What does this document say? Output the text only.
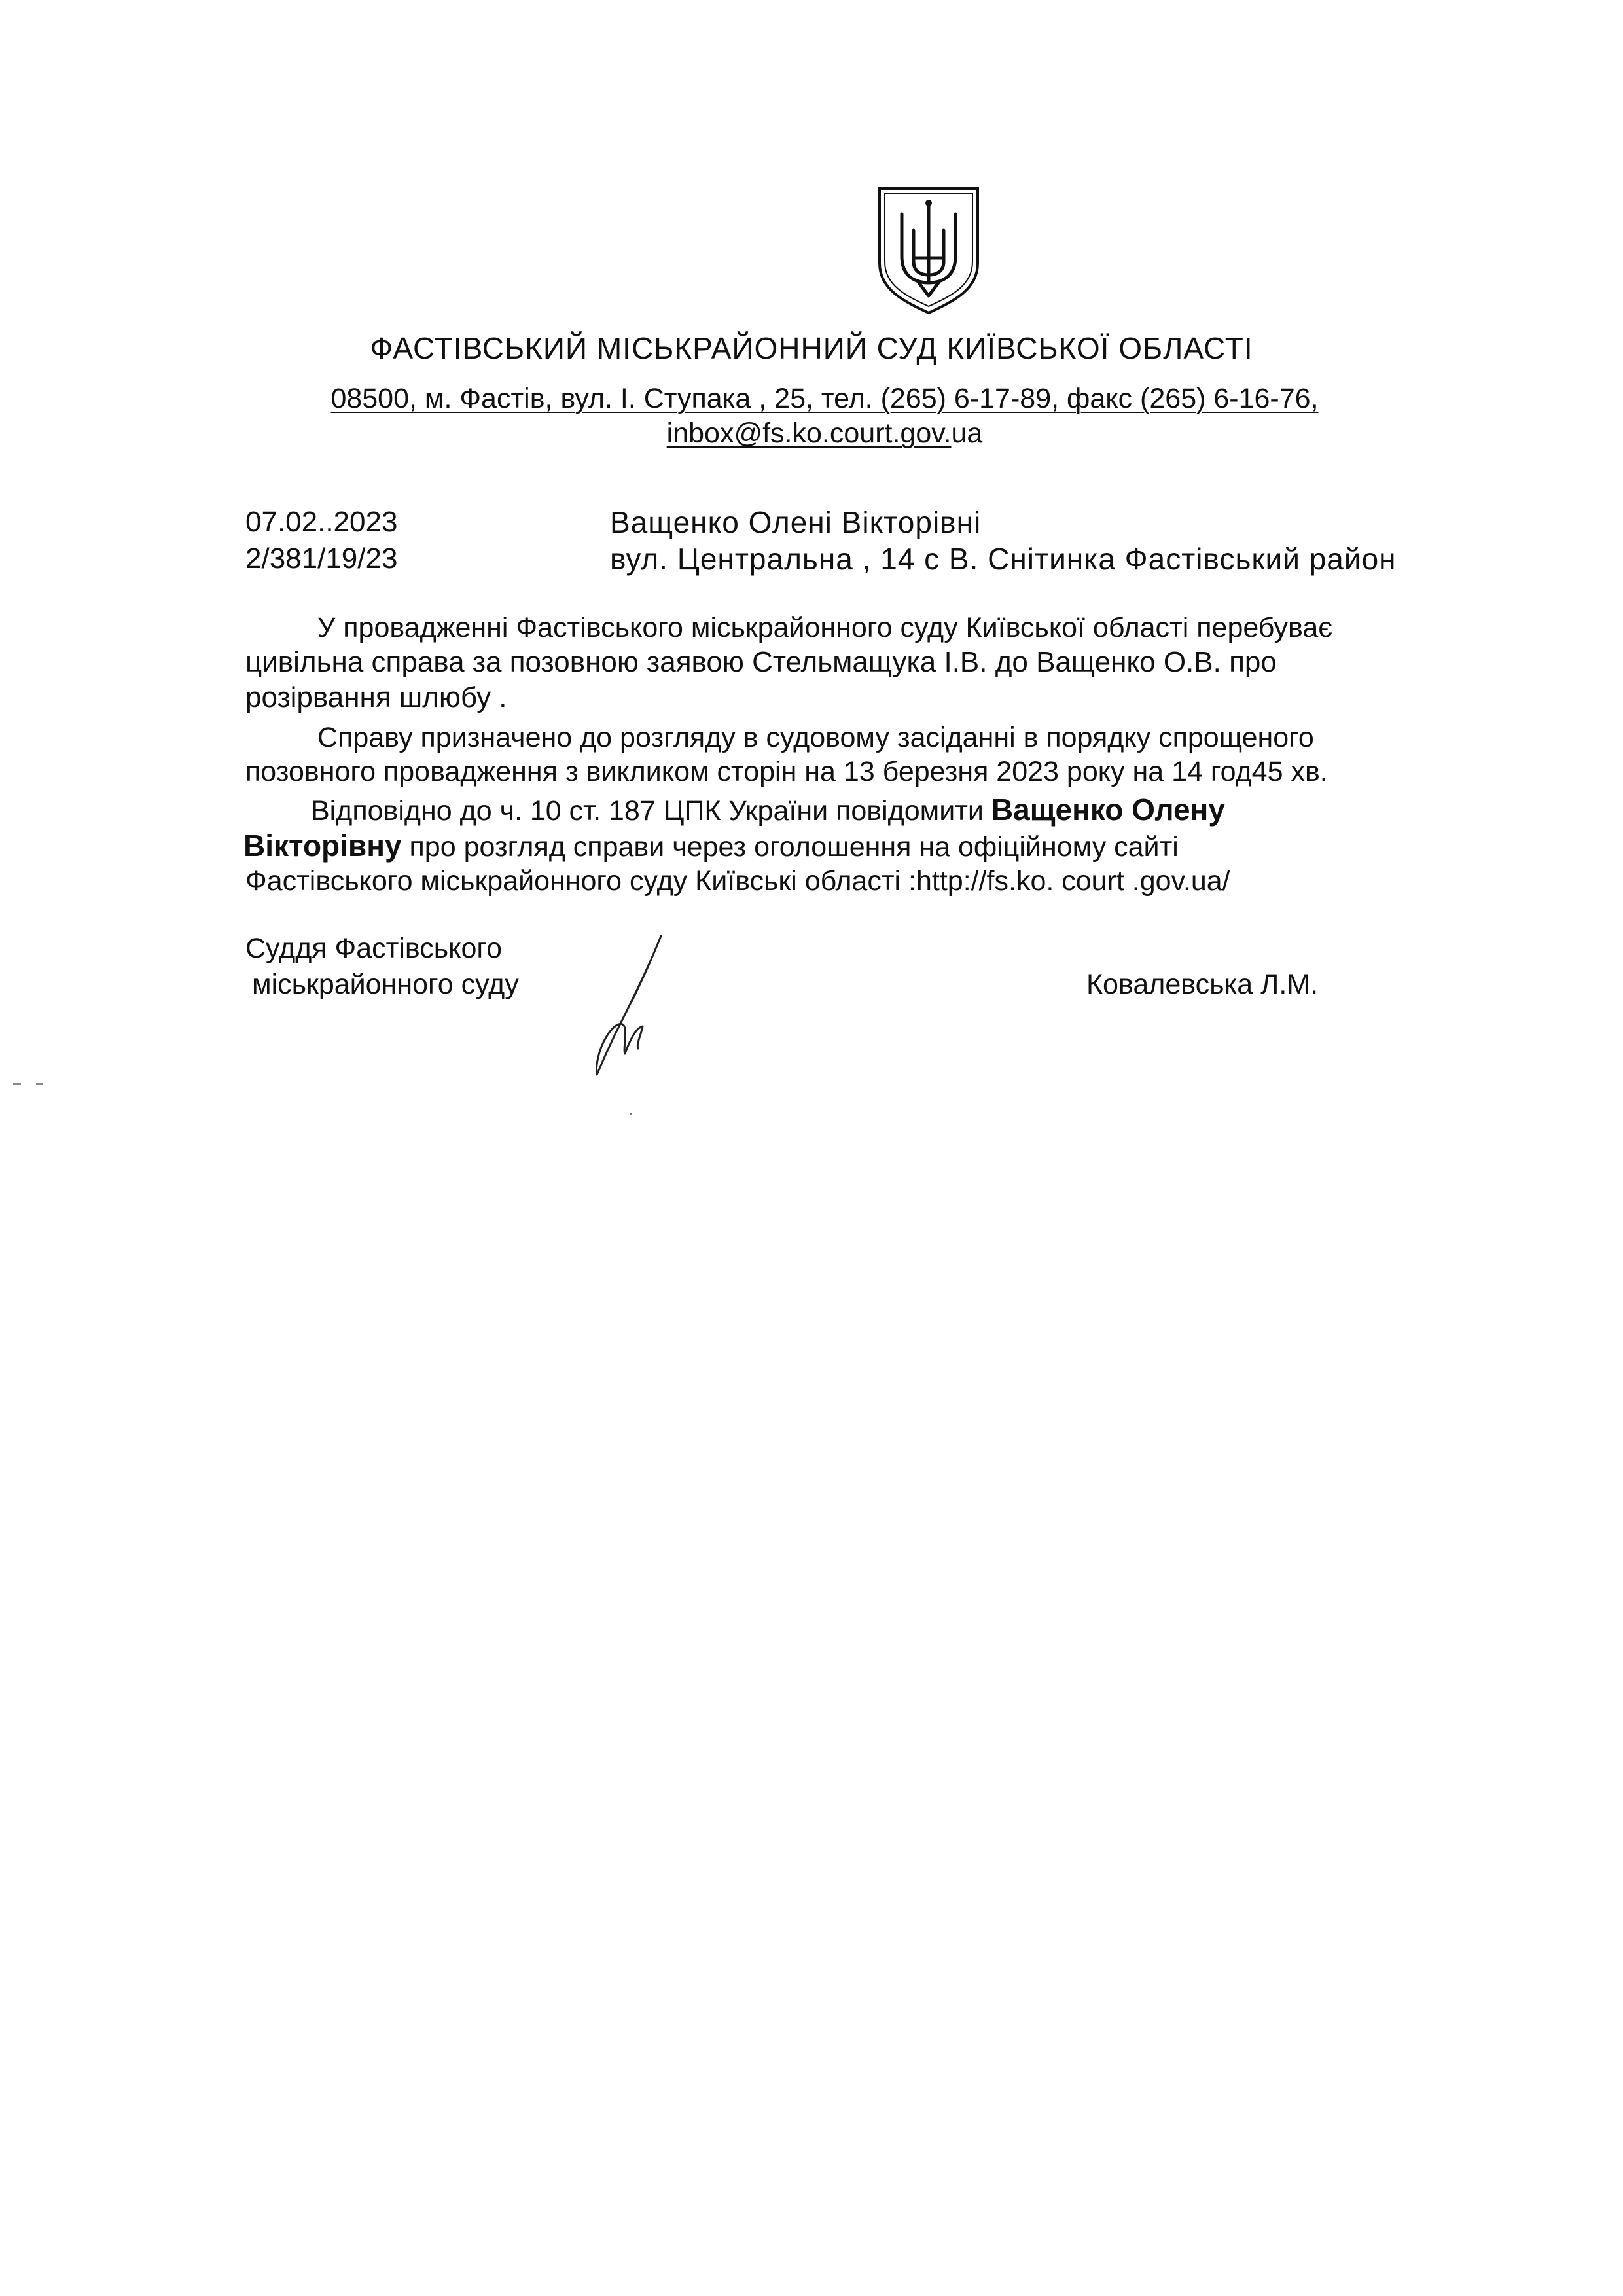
ФАСТІВСЬКИЙ МІСЬКРАЙОННИЙ СУД КИЇВСЬКОЇ ОБЛАСТІ
08500, м. Фастів, вул. І. Ступака , 25, тел. (265) 6-17-89, факс (265) 6-16-76,
inbox@fs.ko.court.gov.ua
07.02..2023
2/381/19/23
Ващенко Олені Вікторівні
вул. Центральна , 14 с В. Снітинка Фастівський район
У провадженні Фастівського міськрайонного суду Київської області перебуває
цивільна справа за позовною заявою Стельмащука І.В. до Ващенко О.В. про
розірвання шлюбу .
Справу призначено до розгляду в судовому засіданні в порядку спрощеного
позовного провадження з викликом сторін на 13 березня 2023 року на 14 год45 хв.
Відповідно до ч. 10 ст. 187 ЦПК України повідомити Ващенко Олену
Вікторівну про розгляд справи через оголошення на офіційному сайті
Фастівського міськрайонного суду Київські області :http://fs.ko. court .gov.ua/
Суддя Фастівського
міськрайонного суду	Ковалевська Л.М.
